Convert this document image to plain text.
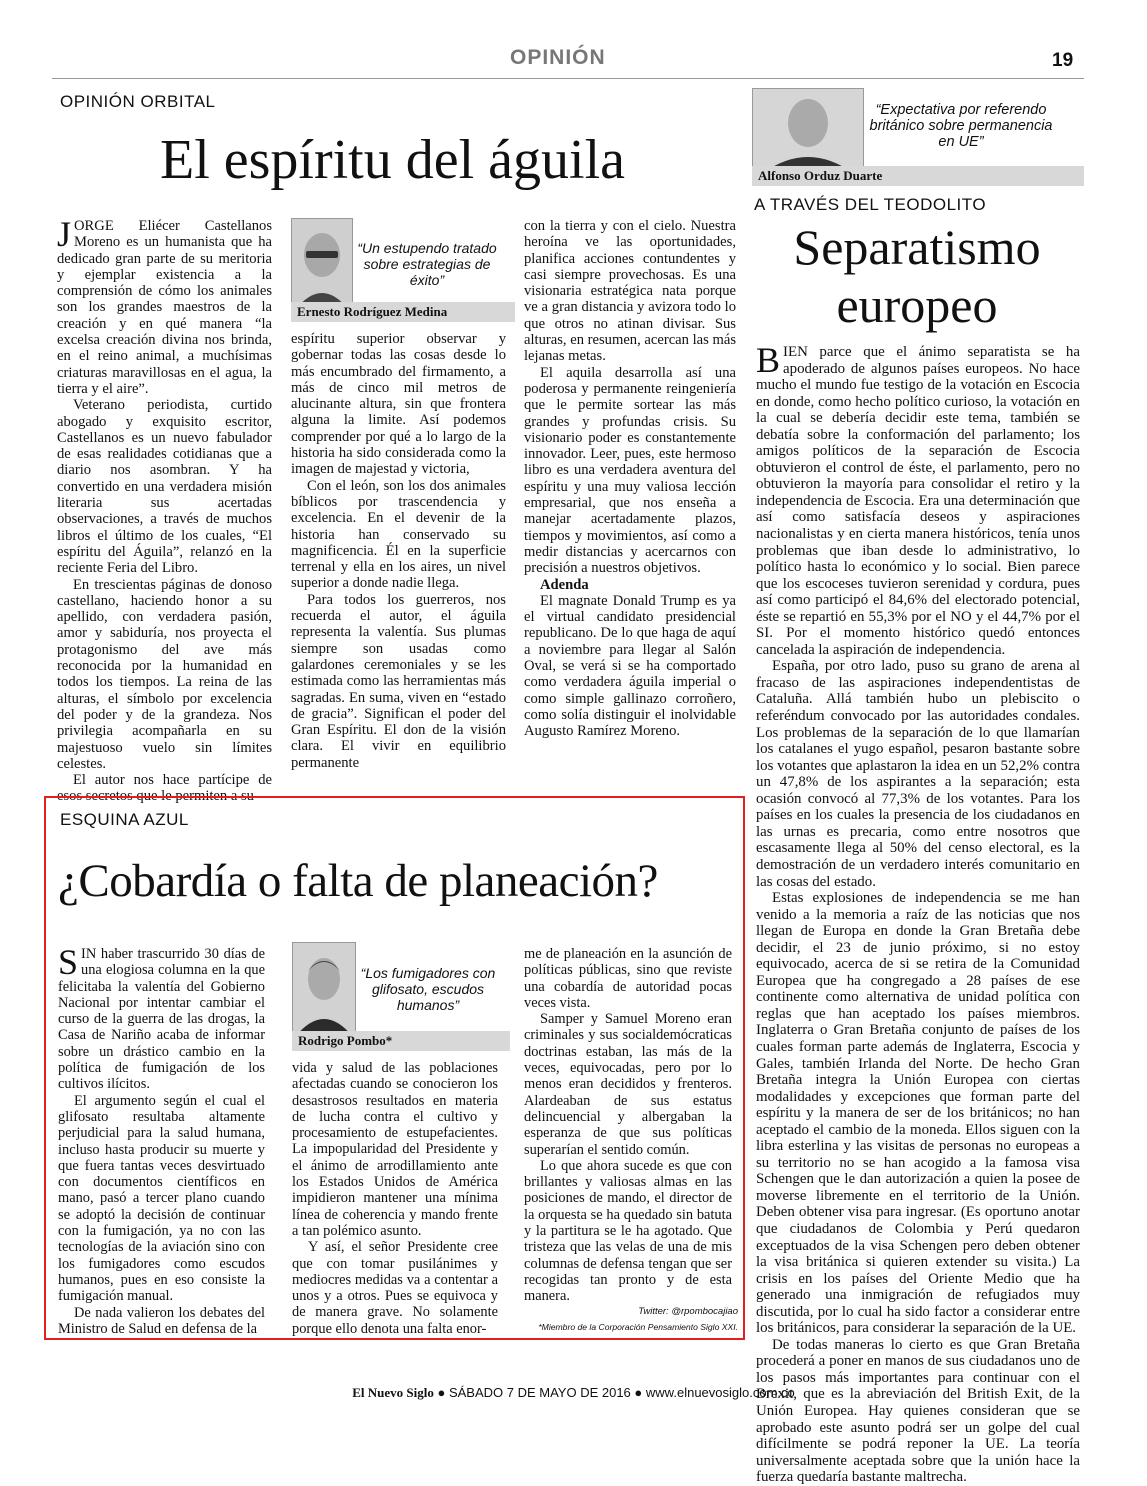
OPINIÓN	19
OPINIÓN ORBITAL
El espíritu del águila

JORGE Eliécer Castellanos Moreno es un humanista que ha dedicado gran parte de su meritoria y ejemplar existencia a la comprensión de cómo los animales son los grandes maestros de la creación y en qué manera “la excelsa creación divina nos brinda, en el reino animal, a muchísimas criaturas maravillosas en el agua, la tierra y el aire”.

Veterano periodista, curtido abogado y exquisito escritor, Castellanos es un nuevo fabulador de esas realidades cotidianas que a diario nos asombran. Y ha convertido en una verdadera misión literaria sus acertadas observaciones, a través de muchos libros el último de los cuales, “El espíritu del Águila”, relanzó en la reciente Feria del Libro.

En trescientas páginas de donoso castellano, haciendo honor a su apellido, con verdadera pasión, amor y sabiduría, nos proyecta el protagonismo del ave más reconocida por la humanidad en todos los tiempos. La reina de las alturas, el símbolo por excelencia del poder y de la grandeza. Nos privilegia acompañarla en su majestuoso vuelo sin límites celestes.

El autor nos hace partícipe de esos secretos que le permiten a su

“Un estupendo tratado sobre estrategias de éxito”
Ernesto Rodríguez Medina

espíritu superior observar y gobernar todas las cosas desde lo más encumbrado del firmamento, a más de cinco mil metros de alucinante altura, sin que frontera alguna la limite. Así podemos comprender por qué a lo largo de la historia ha sido considerada como la imagen de majestad y victoria,

Con el león, son los dos animales bíblicos por trascendencia y excelencia. En el devenir de la historia han conservado su magnificencia. Él en la superficie terrenal y ella en los aires, un nivel superior a donde nadie llega.

Para todos los guerreros, nos recuerda el autor, el águila representa la valentía. Sus plumas siempre son usadas como galardones ceremoniales y se les estimada como las herramientas más sagradas. En suma, viven en “estado de gracia”. Significan el poder del Gran Espíritu. El don de la visión clara. El vivir en equilibrio permanente

con la tierra y con el cielo. Nuestra heroína ve las oportunidades, planifica acciones contundentes y casi siempre provechosas. Es una visionaria estratégica nata porque ve a gran distancia y avizora todo lo que otros no atinan divisar. Sus alturas, en resumen, acercan las más lejanas metas.

El aquila desarrolla así una poderosa y permanente reingeniería que le permite sortear las más grandes y profundas crisis. Su visionario poder es constantemente innovador. Leer, pues, este hermoso libro es una verdadera aventura del espíritu y una muy valiosa lección empresarial, que nos enseña a manejar acertadamente plazos, tiempos y movimientos, así como a medir distancias y acercarnos con precisión a nuestros objetivos.

Adenda

El magnate Donald Trump es ya el virtual candidato presidencial republicano. De lo que haga de aquí a noviembre para llegar al Salón Oval, se verá si se ha comportado como verdadera águila imperial o como simple gallinazo corroñero, como solía distinguir el inolvidable Augusto Ramírez Moreno.

“Expectativa por referendo británico sobre permanencia en UE”
Alfonso Orduz Duarte
A TRAVÉS DEL TEODOLITO
Separatismo
europeo

BIEN parce que el ánimo separatista se ha apoderado de algunos países europeos. No hace mucho el mundo fue testigo de la votación en Escocia en donde, como hecho político curioso, la votación en la cual se debería decidir este tema, también se debatía sobre la conformación del parlamento; los amigos políticos de la separación de Escocia obtuvieron el control de éste, el parlamento, pero no obtuvieron la mayoría para consolidar el retiro y la independencia de Escocia. Era una determinación que así como satisfacía deseos y aspiraciones nacionalistas y en cierta manera históricos, tenía unos problemas que iban desde lo administrativo, lo político hasta lo económico y lo social. Bien parece que los escoceses tuvieron serenidad y cordura, pues así como participó el 84,6% del electorado potencial, éste se repartió en 55,3% por el NO y el 44,7% por el SI. Por el momento histórico quedó entonces cancelada la aspiración de independencia.

España, por otro lado, puso su grano de arena al fracaso de las aspiraciones independentistas de Cataluña. Allá también hubo un plebiscito o referéndum convocado por las autoridades condales. Los problemas de la separación de lo que llamarían los catalanes el yugo español, pesaron bastante sobre los votantes que aplastaron la idea en un 52,2% contra un 47,8% de los aspirantes a la separación; esta ocasión convocó al 77,3% de los votantes. Para los países en los cuales la presencia de los ciudadanos en las urnas es precaria, como entre nosotros que escasamente llega al 50% del censo electoral, es la demostración de un verdadero interés comunitario en las cosas del estado.

Estas explosiones de independencia se me han venido a la memoria a raíz de las noticias que nos llegan de Europa en donde la Gran Bretaña debe decidir, el 23 de junio próximo, si no estoy equivocado, acerca de si se retira de la Comunidad Europea que ha congregado a 28 países de ese continente como alternativa de unidad política con reglas que han aceptado los países miembros. Inglaterra o Gran Bretaña conjunto de países de los cuales forman parte además de Inglaterra, Escocia y Gales, también Irlanda del Norte. De hecho Gran Bretaña integra la Unión Europea con ciertas modalidades y excepciones que forman parte del espíritu y la manera de ser de los británicos; no han aceptado el cambio de la moneda. Ellos siguen con la libra esterlina y las visitas de personas no europeas a su territorio no se han acogido a la famosa visa Schengen que le dan autorización a quien la posee de moverse libremente en el territorio de la Unión. Deben obtener visa para ingresar. (Es oportuno anotar que ciudadanos de Colombia y Perú quedaron exceptuados de la visa Schengen pero deben obtener la visa británica si quieren extender su visita.) La crisis en los países del Oriente Medio que ha generado una inmigración de refugiados muy discutida, por lo cual ha sido factor a considerar entre los británicos, para considerar la separación de la UE.

De todas maneras lo cierto es que Gran Bretaña procederá a poner en manos de sus ciudadanos uno de los pasos más importantes para continuar con el Brexit, que es la abreviación del British Exit, de la Unión Europea. Hay quienes consideran que se aprobado este asunto podrá ser un golpe del cual difícilmente se podrá reponer la UE. La teoría universalmente aceptada sobre que la unión hace la fuerza quedaría bastante maltrecha.

ESQUINA AZUL
¿Cobardía o falta de planeación?

SIN haber trascurrido 30 días de una elogiosa columna en la que felicitaba la valentía del Gobierno Nacional por intentar cambiar el curso de la guerra de las drogas, la Casa de Nariño acaba de informar sobre un drástico cambio en la política de fumigación de los cultivos ilícitos.

El argumento según el cual el glifosato resultaba altamente perjudicial para la salud humana, incluso hasta producir su muerte y que fuera tantas veces desvirtuado con documentos científicos en mano, pasó a tercer plano cuando se adoptó la decisión de continuar con la fumigación, ya no con las tecnologías de la aviación sino con los fumigadores como escudos humanos, pues en eso consiste la fumigación manual.

De nada valieron los debates del Ministro de Salud en defensa de la

“Los fumigadores con glifosato, escudos humanos”
Rodrigo Pombo*

vida y salud de las poblaciones afectadas cuando se conocieron los desastrosos resultados en materia de lucha contra el cultivo y procesamiento de estupefacientes. La impopularidad del Presidente y el ánimo de arrodillamiento ante los Estados Unidos de América impidieron mantener una mínima línea de coherencia y mando frente a tan polémico asunto.

Y así, el señor Presidente cree que con tomar pusilánimes y mediocres medidas va a contentar a unos y a otros. Pues se equivoca y de manera grave. No solamente porque ello denota una falta enor-

me de planeación en la asunción de políticas públicas, sino que reviste una cobardía de autoridad pocas veces vista.

Samper y Samuel Moreno eran criminales y sus socialdemócraticas doctrinas estaban, las más de la veces, equivocadas, pero por lo menos eran decididos y frenteros. Alardeaban de sus estatus delincuencial y albergaban la esperanza de que sus políticas superarían el sentido común.

Lo que ahora sucede es que con brillantes y valiosas almas en las posiciones de mando, el director de la orquesta se ha quedado sin batuta y la partitura se le ha agotado. Que tristeza que las velas de una de mis columnas de defensa tengan que ser recogidas tan pronto y de esta manera.

Twitter: @rpombocajiao
*Miembro de la Corporación Pensamiento Siglo XXI.
El Nuevo Siglo ● SÁBADO 7 DE MAYO DE 2016 ● www.elnuevosiglo.com.co
